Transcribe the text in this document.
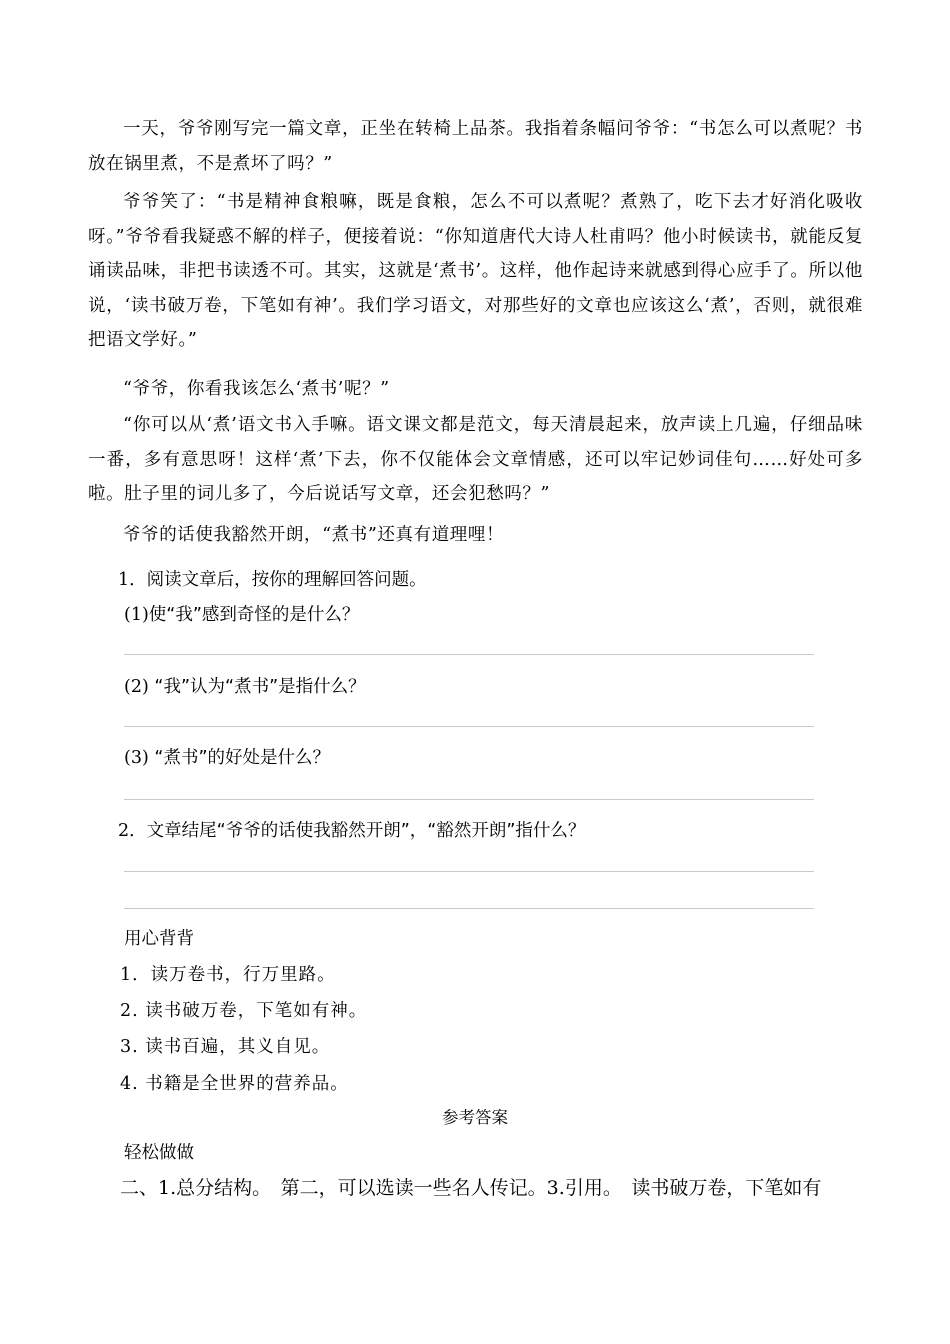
一天，爷爷刚写完一篇文章，正坐在转椅上品茶。我指着条幅问爷爷：“书怎么可以煮呢？书放在锅里煮，不是煮坏了吗？”

爷爷笑了：“书是精神食粮嘛，既是食粮，怎么不可以煮呢？煮熟了，吃下去才好消化吸收呀。”爷爷看我疑惑不解的样子，便接着说：“你知道唐代大诗人杜甫吗？他小时候读书，就能反复诵读品味，非把书读透不可。其实，这就是‘煮书’。这样，他作起诗来就感到得心应手了。所以他说，‘读书破万卷，下笔如有神’。我们学习语文，对那些好的文章也应该这么‘煮’，否则，就很难把语文学好。”

“爷爷，你看我该怎么‘煮书’呢？”

“你可以从‘煮’语文书入手嘛。语文课文都是范文，每天清晨起来，放声读上几遍，仔细品味一番，多有意思呀！这样‘煮’下去，你不仅能体会文章情感，还可以牢记妙词佳句……好处可多啦。肚子里的词儿多了，今后说话写文章，还会犯愁吗？”

爷爷的话使我豁然开朗，“煮书”还真有道理哩！

1．阅读文章后，按你的理解回答问题。
(1)使“我”感到奇怪的是什么？
(2) “我”认为“煮书”是指什么？
(3) “煮书”的好处是什么？
2．文章结尾“爷爷的话使我豁然开朗”，“豁然开朗”指什么？
用心背背
1．读万卷书，行万里路。
2. 读书破万卷，下笔如有神。
3. 读书百遍，其义自见。
4. 书籍是全世界的营养品。
参考答案
轻松做做
二、1.总分结构。　第二，可以选读一些名人传记。3.引用。　读书破万卷，下笔如有
